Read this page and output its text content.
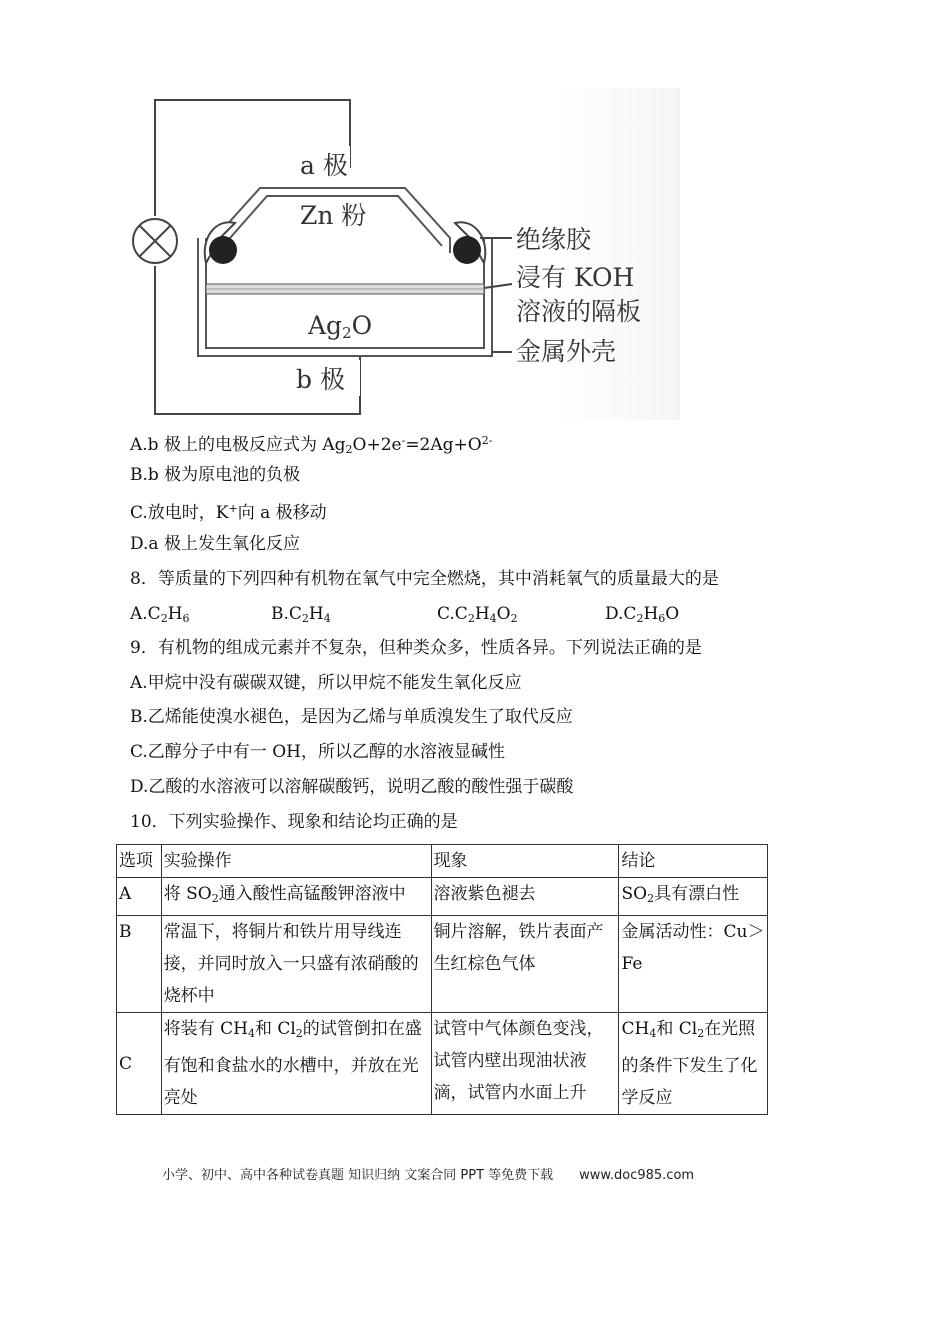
a 极
Zn 粉
Ag2O
b 极
绝缘胶
浸有 KOH
溶液的隔板
金属外壳
A.b 极上的电极反应式为 $Ag_2O+2e^-=2Ag+O^{2-}$
B.b 极为原电池的负极
C.放电时，K+向 a 极移动
D.a 极上发生氧化反应
8．等质量的下列四种有机物在氧气中完全燃烧，其中消耗氧气的质量最大的是
$A.C_2H_6$	$B.C_2H_4$	$C.C_2H_4O_2$	$D.C_2H_6O$
9．有机物的组成元素并不复杂，但种类众多，性质各异。下列说法正确的是
A.甲烷中没有碳碳双键，所以甲烷不能发生氧化反应
B.乙烯能使溴水褪色，是因为乙烯与单质溴发生了取代反应
C.乙醇分子中有一 OH，所以乙醇的水溶液显碱性
D.乙酸的水溶液可以溶解碳酸钙，说明乙酸的酸性强于碳酸
10．下列实验操作、现象和结论均正确的是
选项	实验操作	现象	结论
A	将 $SO_2$通入酸性高锰酸钾溶液中	溶液紫色褪去	$SO_2$具有漂白性
B	常温下，将铜片和铁片用导线连接，并同时放入一只盛有浓硝酸的烧杯中	铜片溶解，铁片表面产生红棕色气体	金属活动性：Cu＞Fe
C	将装有 $CH_4$和 $Cl_2$的试管倒扣在盛有饱和食盐水的水槽中，并放在光亮处	试管中气体颜色变浅，试管内壁出现油状液滴，试管内水面上升	$CH_4$和 $Cl_2$在光照的条件下发生了化学反应
小学、初中、高中各种试卷真题 知识归纳 文案合同 PPT 等免费下载 www.doc985.com
